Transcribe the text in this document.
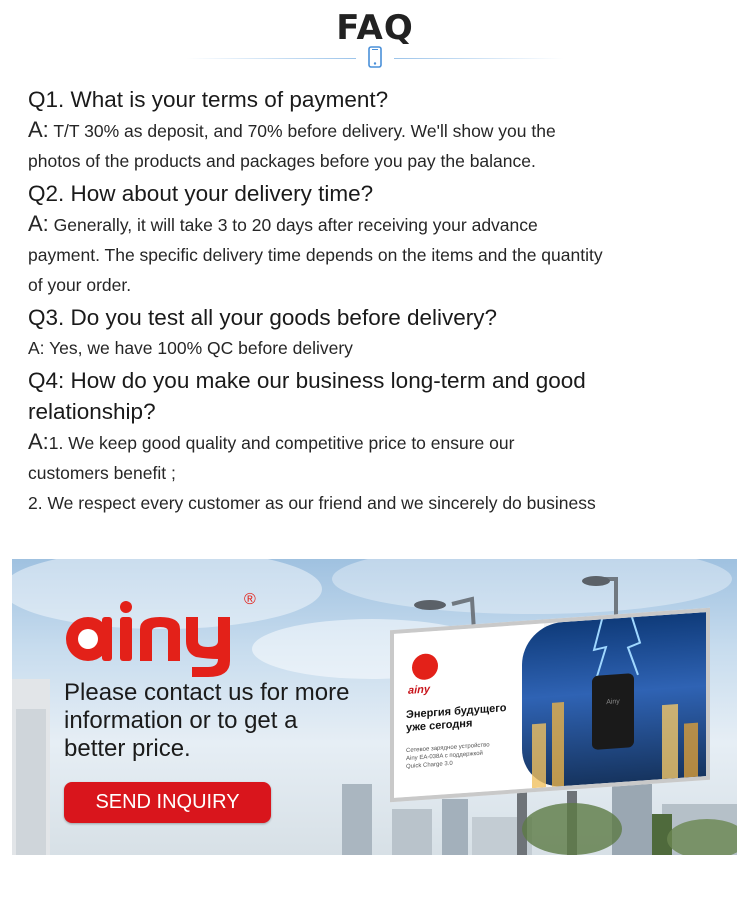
FAQ

Q1. What is your terms of payment?

A: T/T 30% as deposit, and 70% before delivery. We'll show you the

photos of the products and packages before you pay the balance.

Q2. How about your delivery time?

A: Generally, it will take 3 to 20 days after receiving your advance

payment. The specific delivery time depends on the items and the quantity

of your order.

Q3. Do you test all your goods before delivery?

A: Yes, we have 100% QC before delivery

Q4: How do you make our business long-term and good

relationship?

A:1. We keep good quality and competitive price to ensure our

customers benefit ;

2. We respect every customer as our friend and we sincerely do business

®
Please contact us for more
information or to get a
better price.
SEND INQUIRY
ainy
Энергия будущего
уже сегодня
Сетевое зарядное устройство
Ainy EA-038A с поддержкой
Quick Charge 3.0
Ainy
